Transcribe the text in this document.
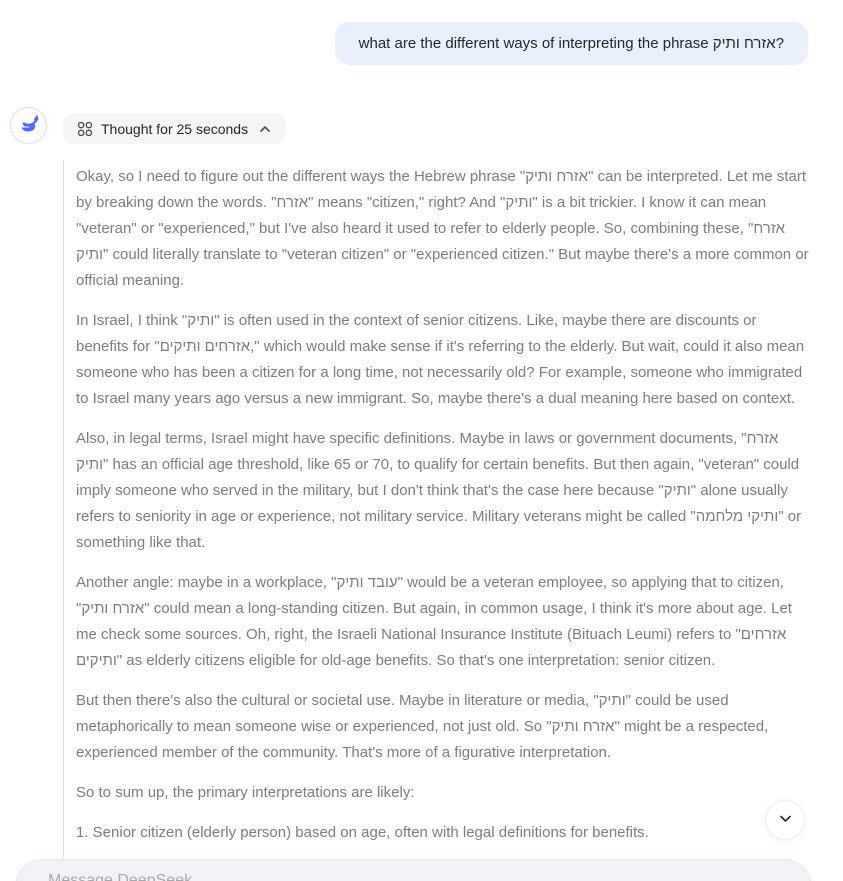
what are the different ways of interpreting the phrase אזרח ותיק?
Thought for 25 seconds

Okay, so I need to figure out the different ways the Hebrew phrase "אזרח ותיק" can be interpreted. Let me start by breaking down the words. "אזרח" means "citizen," right? And "ותיק" is a bit trickier. I know it can mean "veteran" or "experienced," but I've also heard it used to refer to elderly people. So, combining these, "אזרח ותיק" could literally translate to "veteran citizen" or "experienced citizen." But maybe there's a more common or official meaning.

In Israel, I think "ותיק" is often used in the context of senior citizens. Like, maybe there are discounts or benefits for "אזרחים ותיקים," which would make sense if it's referring to the elderly. But wait, could it also mean someone who has been a citizen for a long time, not necessarily old? For example, someone who immigrated to Israel many years ago versus a new immigrant. So, maybe there's a dual meaning here based on context.

Also, in legal terms, Israel might have specific definitions. Maybe in laws or government documents, "אזרח ותיק" has an official age threshold, like 65 or 70, to qualify for certain benefits. But then again, "veteran" could imply someone who served in the military, but I don't think that's the case here because "ותיק" alone usually refers to seniority in age or experience, not military service. Military veterans might be called "ותיקי מלחמה" or something like that.

Another angle: maybe in a workplace, "עובד ותיק" would be a veteran employee, so applying that to citizen, "אזרח ותיק" could mean a long-standing citizen. But again, in common usage, I think it's more about age. Let me check some sources. Oh, right, the Israeli National Insurance Institute (Bituach Leumi) refers to "אזרחים ותיקים" as elderly citizens eligible for old-age benefits. So that's one interpretation: senior citizen.

But then there's also the cultural or societal use. Maybe in literature or media, "ותיק" could be used metaphorically to mean someone wise or experienced, not just old. So "אזרח ותיק" might be a respected, experienced member of the community. That's more of a figurative interpretation.

So to sum up, the primary interpretations are likely:

1. Senior citizen (elderly person) based on age, often with legal definitions for benefits.

Message DeepSeek
